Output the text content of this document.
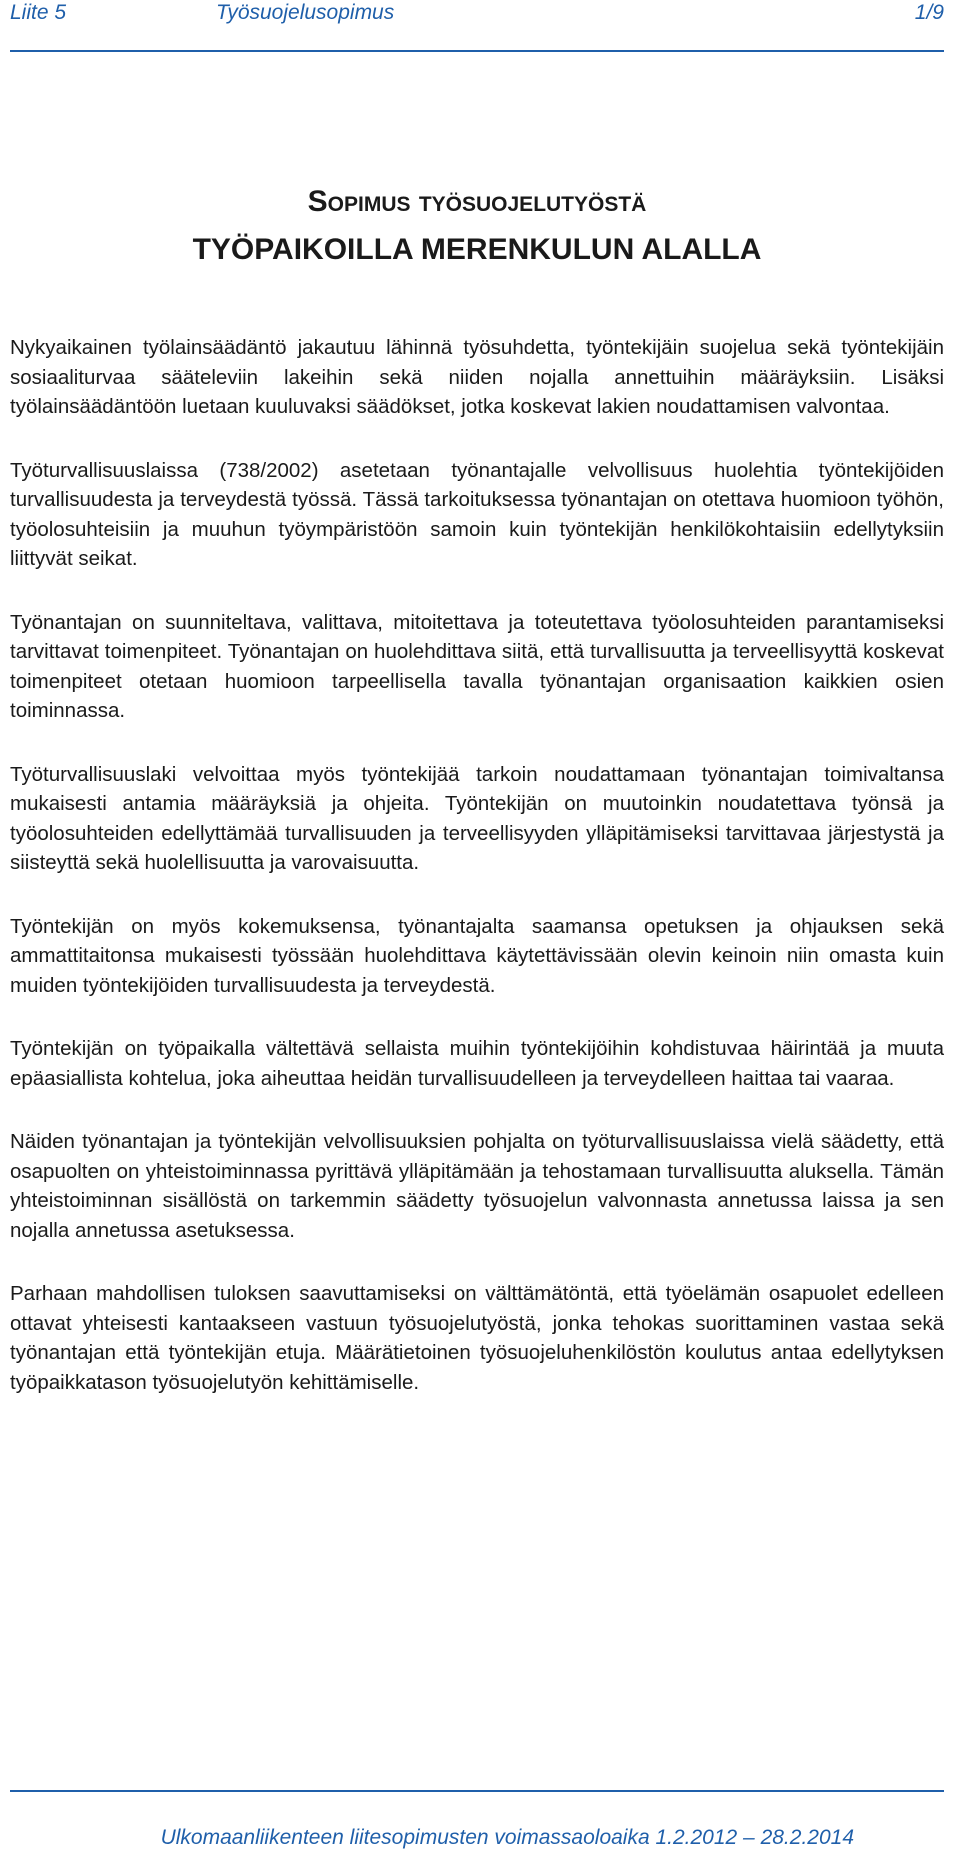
Liite 5	Työsuojelusopimus	1/9
Sopimus työsuojelutyöstä
TYÖPAIKOILLA MERENKULUN ALALLA

Nykyaikainen työlainsäädäntö jakautuu lähinnä työsuhdetta, työntekijäin suojelua sekä työntekijäin sosiaaliturvaa sääteleviin lakeihin sekä niiden nojalla annettuihin määräyksiin. Lisäksi työlainsäädäntöön luetaan kuuluvaksi säädökset, jotka koskevat lakien noudattamisen valvontaa.

Työturvallisuuslaissa (738/2002) asetetaan työnantajalle velvollisuus huolehtia työntekijöiden turvallisuudesta ja terveydestä työssä. Tässä tarkoituksessa työnantajan on otettava huomioon työhön, työolosuhteisiin ja muuhun työympäristöön samoin kuin työntekijän henkilökohtaisiin edellytyksiin liittyvät seikat.

Työnantajan on suunniteltava, valittava, mitoitettava ja toteutettava työolosuhteiden parantamiseksi tarvittavat toimenpiteet. Työnantajan on huolehdittava siitä, että turvallisuutta ja terveellisyyttä koskevat toimenpiteet otetaan huomioon tarpeellisella tavalla työnantajan organisaation kaikkien osien toiminnassa.

Työturvallisuuslaki velvoittaa myös työntekijää tarkoin noudattamaan työnantajan toimivaltansa mukaisesti antamia määräyksiä ja ohjeita. Työntekijän on muutoinkin noudatettava työnsä ja työolosuhteiden edellyttämää turvallisuuden ja terveellisyyden ylläpitämiseksi tarvittavaa järjestystä ja siisteyttä sekä huolellisuutta ja varovaisuutta.

Työntekijän on myös kokemuksensa, työnantajalta saamansa opetuksen ja ohjauksen sekä ammattitaitonsa mukaisesti työssään huolehdittava käytettävissään olevin keinoin niin omasta kuin muiden työntekijöiden turvallisuudesta ja terveydestä.

Työntekijän on työpaikalla vältettävä sellaista muihin työntekijöihin kohdistuvaa häirintää ja muuta epäasiallista kohtelua, joka aiheuttaa heidän turvallisuudelleen ja terveydelleen haittaa tai vaaraa.

Näiden työnantajan ja työntekijän velvollisuuksien pohjalta on työturvallisuuslaissa vielä säädetty, että osapuolten on yhteistoiminnassa pyrittävä ylläpitämään ja tehostamaan turvallisuutta aluksella. Tämän yhteistoiminnan sisällöstä on tarkemmin säädetty työsuojelun valvonnasta annetussa laissa ja sen nojalla annetussa asetuksessa.

Parhaan mahdollisen tuloksen saavuttamiseksi on välttämätöntä, että työelämän osapuolet edelleen ottavat yhteisesti kantaakseen vastuun työsuojelutyöstä, jonka tehokas suorittaminen vastaa sekä työnantajan että työntekijän etuja. Määrätietoinen työsuojeluhenkilöstön koulutus antaa edellytyksen työpaikkatason työsuojelutyön kehittämiselle.

Ulkomaanliikenteen liitesopimusten voimassaoloaika 1.2.2012 – 28.2.2014
